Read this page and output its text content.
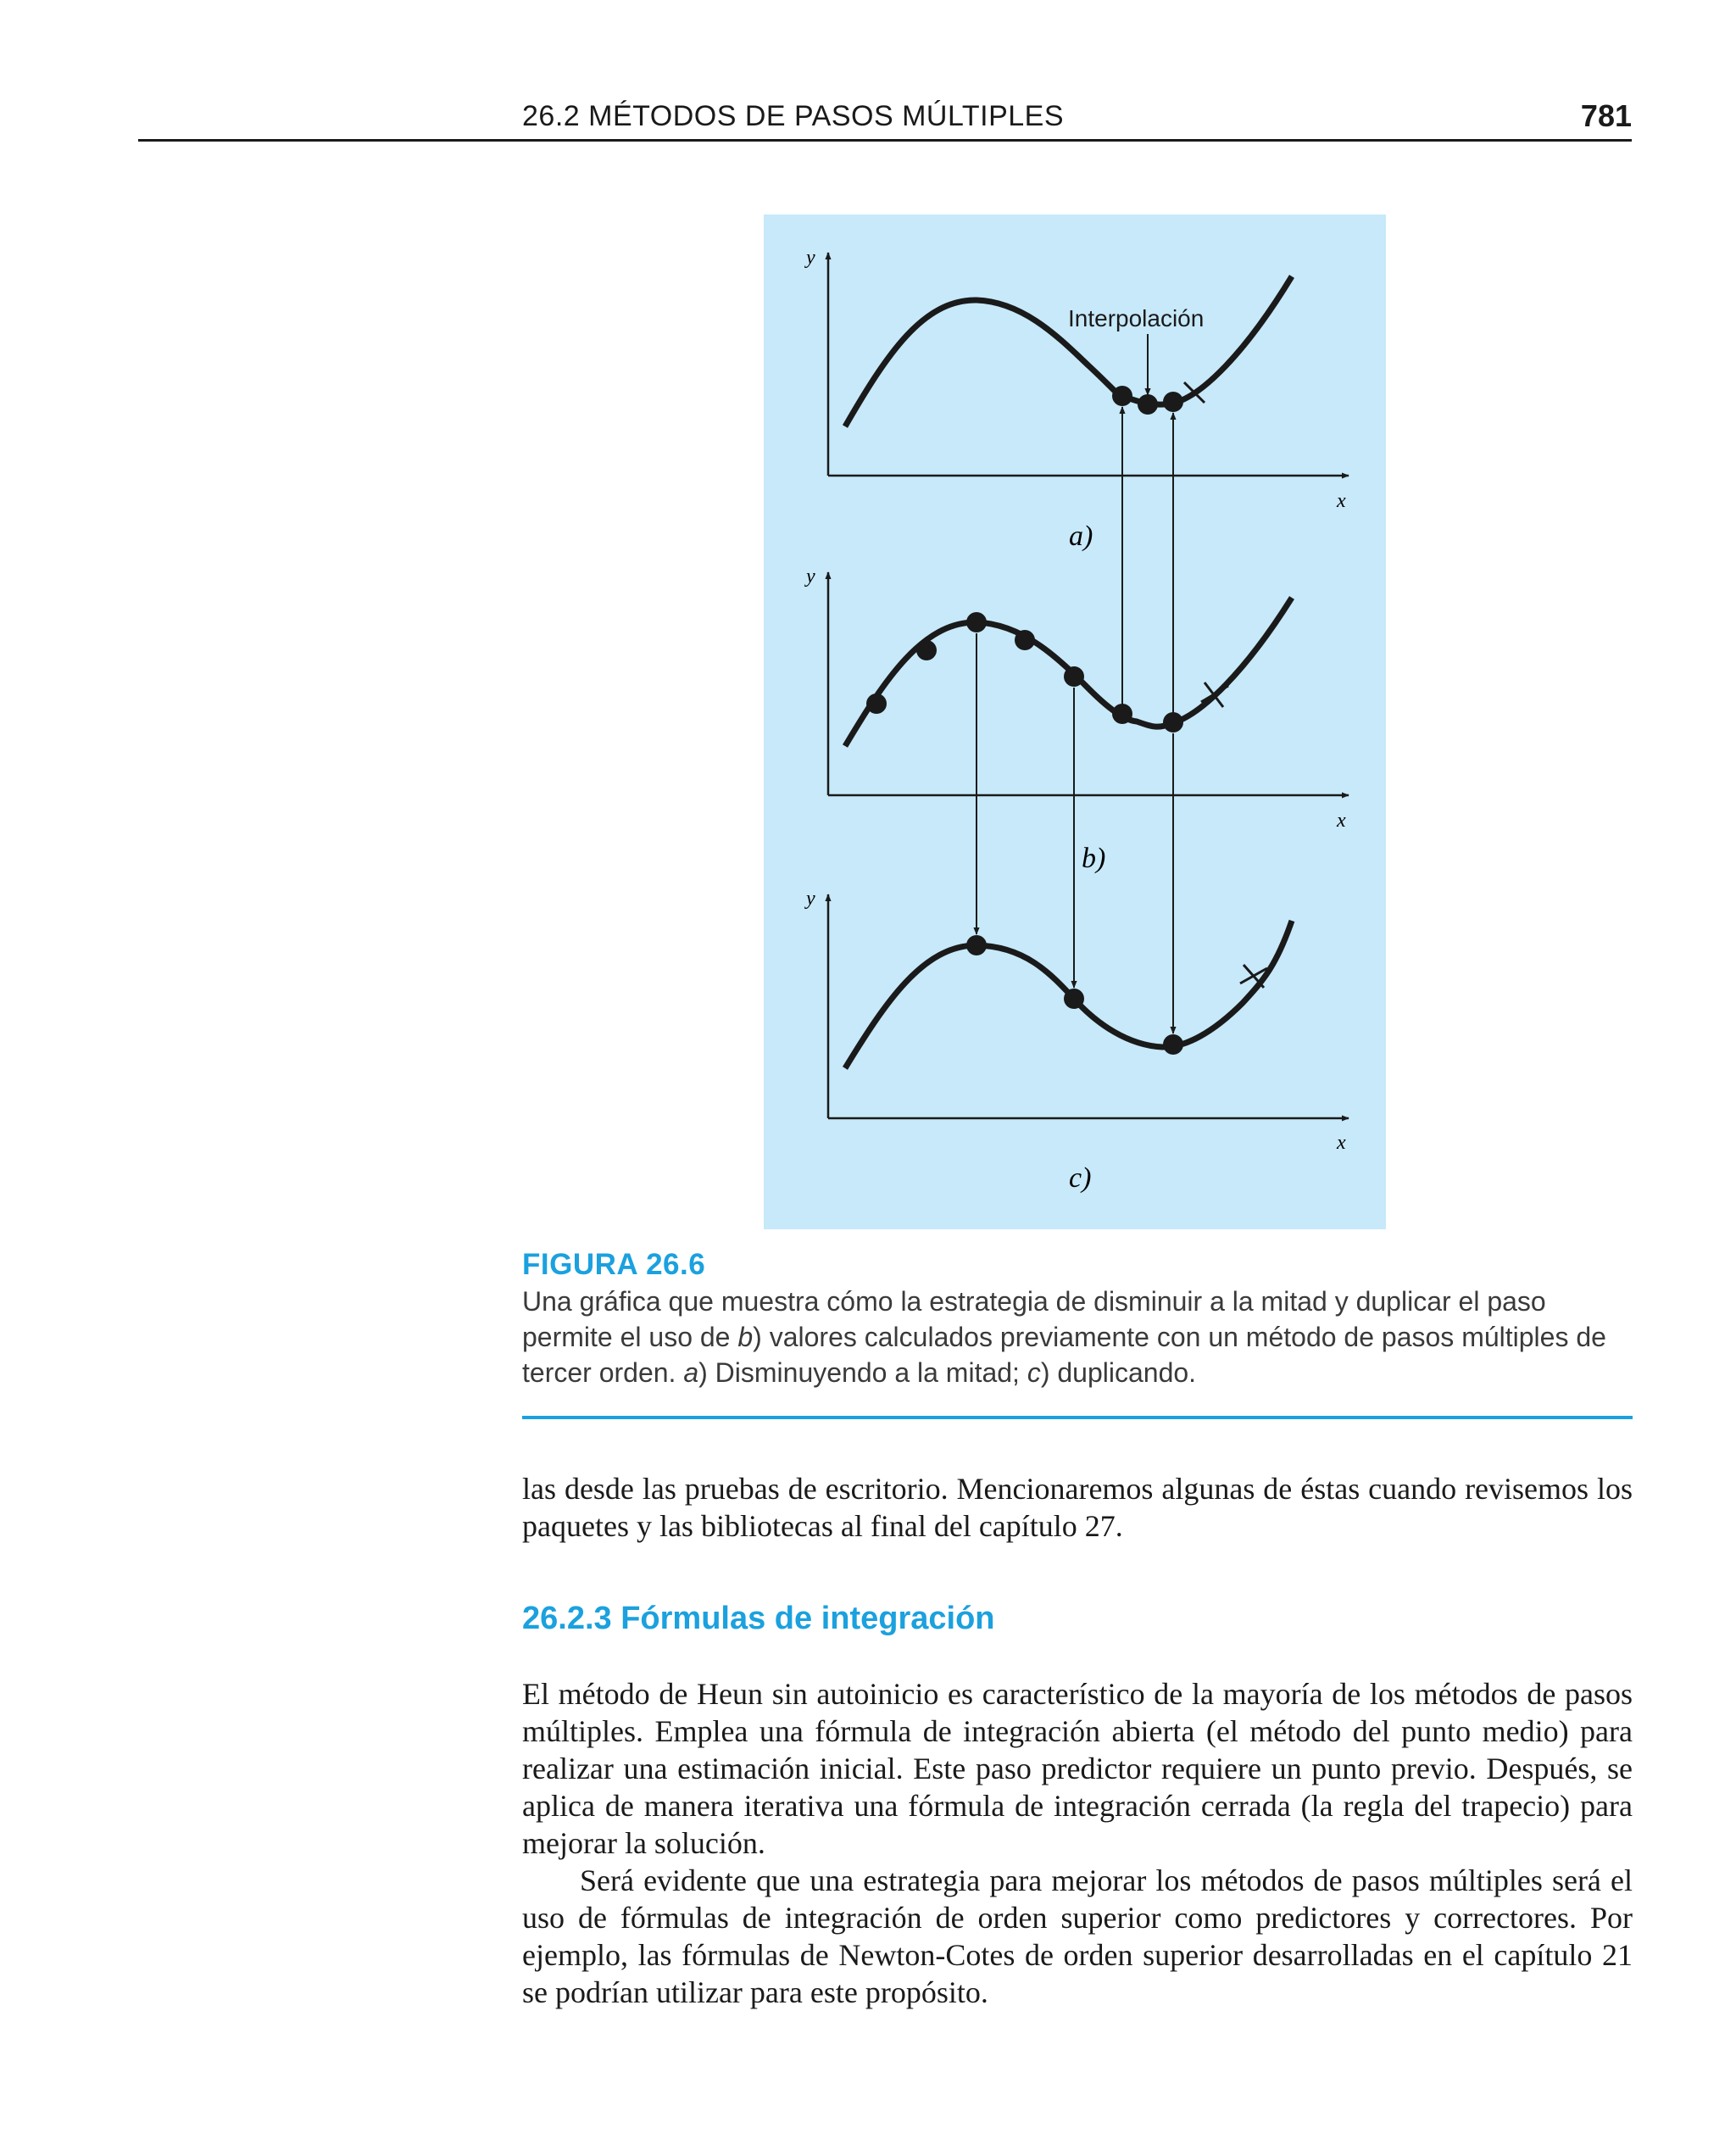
26.2 MÉTODOS DE PASOS MÚLTIPLES	781
y
x
Interpolación
a)
y
x
b)
y
x
c)
FIGURA 26.6
Una gráfica que muestra cómo la estrategia de disminuir a la mitad y duplicar el paso permite el uso de b) valores calculados previamente con un método de pasos múltiples de tercer orden. a) Disminuyendo a la mitad; c) duplicando.

las desde las pruebas de escritorio. Mencionaremos algunas de éstas cuando revisemos los paquetes y las bibliotecas al final del capítulo 27.

26.2.3 Fórmulas de integración

El método de Heun sin autoinicio es característico de la mayoría de los métodos de pasos múltiples. Emplea una fórmula de integración abierta (el método del punto medio) para realizar una estimación inicial. Este paso predictor requiere un punto previo. Después, se aplica de manera iterativa una fórmula de integración cerrada (la regla del trapecio) para mejorar la solución.

Será evidente que una estrategia para mejorar los métodos de pasos múltiples será el uso de fórmulas de integración de orden superior como predictores y correctores. Por ejemplo, las fórmulas de Newton-Cotes de orden superior desarrolladas en el capítulo 21 se podrían utilizar para este propósito.
